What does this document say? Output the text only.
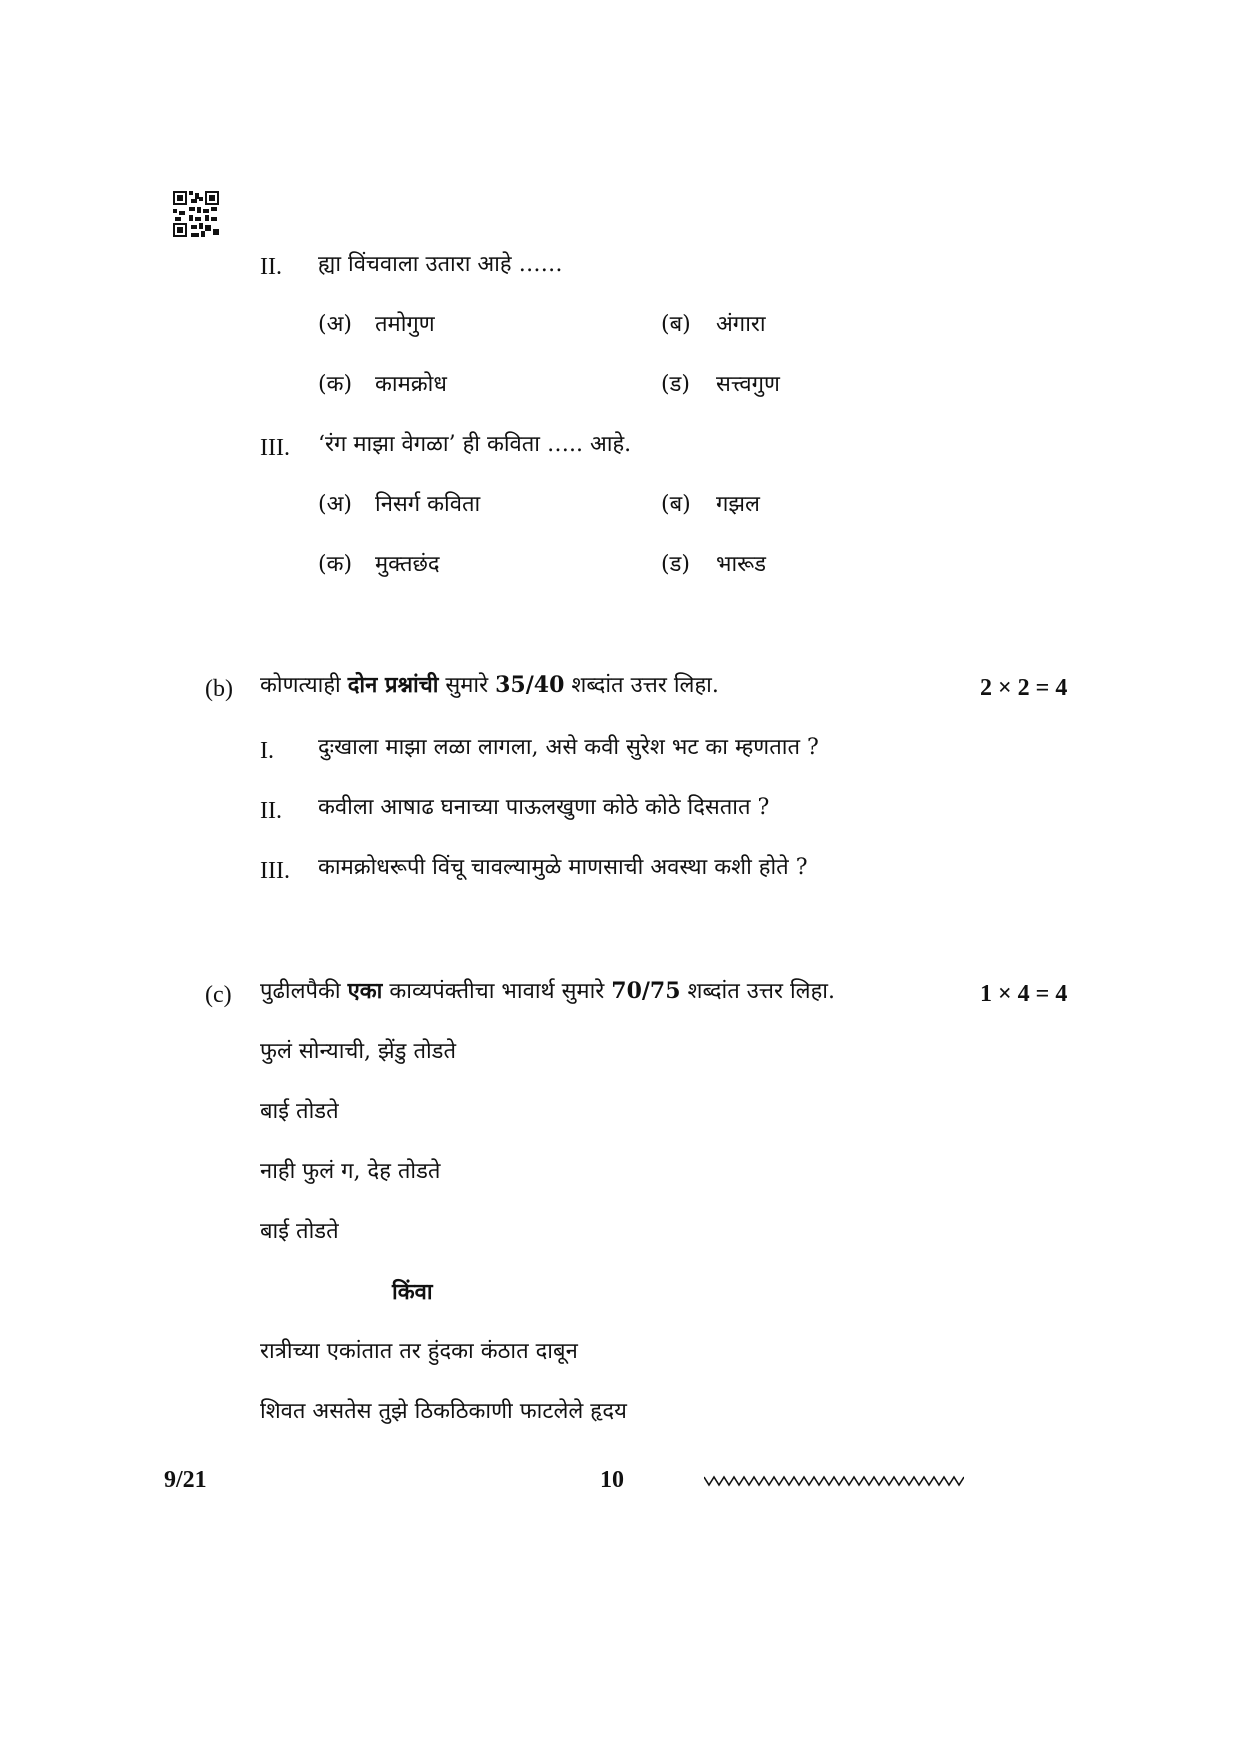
II. ह्या विंचवाला उतारा आहे ……
(अ) तमोगुण	(ब) अंगारा
(क) कामक्रोध	(ड) सत्त्वगुण
III. ‘रंग माझा वेगळा’ ही कविता ….. आहे.
(अ) निसर्ग कविता	(ब) गझल
(क) मुक्तछंद	(ड) भारूड
(b) कोणत्याही दोन प्रश्नांची सुमारे 35/40 शब्दांत उत्तर लिहा.	2 × 2 = 4
I. दुःखाला माझा लळा लागला, असे कवी सुरेश भट का म्हणतात ?
II. कवीला आषाढ घनाच्या पाऊलखुणा कोठे कोठे दिसतात ?
III. कामक्रोधरूपी विंचू चावल्यामुळे माणसाची अवस्था कशी होते ?
(c) पुढीलपैकी एका काव्यपंक्तीचा भावार्थ सुमारे 70/75 शब्दांत उत्तर लिहा.	1 × 4 = 4
फुलं सोन्याची, झेंडु तोडते
बाई तोडते
नाही फुलं ग, देह तोडते
बाई तोडते
किंवा
रात्रीच्या एकांतात तर हुंदका कंठात दाबून
शिवत असतेस तुझे ठिकठिकाणी फाटलेले हृदय
9/21	10
